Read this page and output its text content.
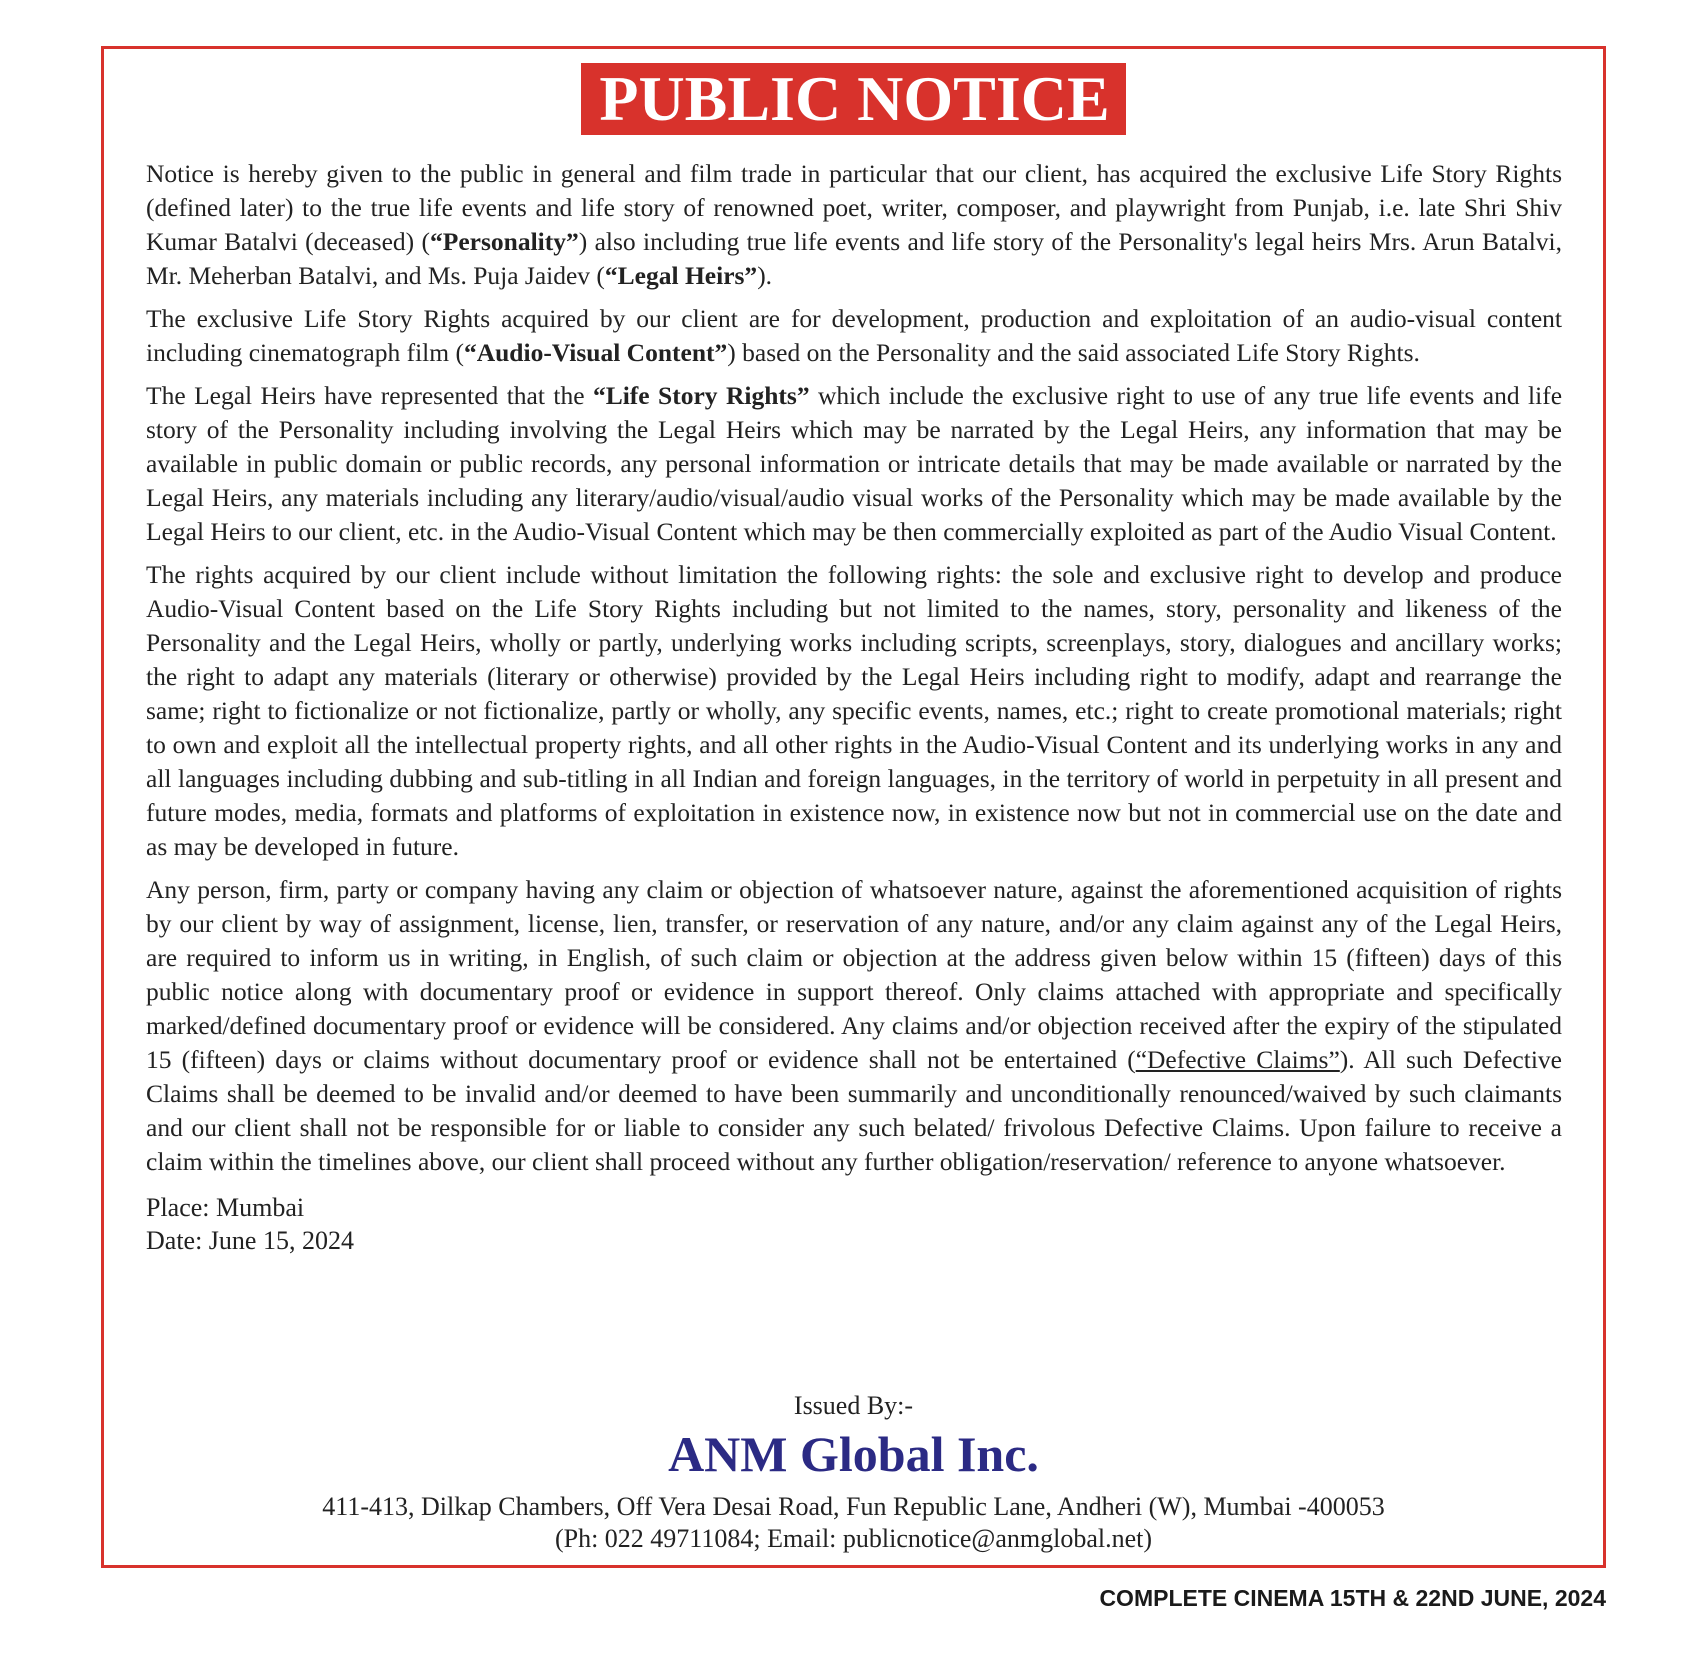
PUBLIC NOTICE

Notice is hereby given to the public in general and film trade in particular that our client, has acquired the exclusive Life Story Rights (defined later) to the true life events and life story of renowned poet, writer, composer, and playwright from Punjab, i.e. late Shri Shiv Kumar Batalvi (deceased) (“Personality”) also including true life events and life story of the Personality's legal heirs Mrs. Arun Batalvi, Mr. Meherban Batalvi, and Ms. Puja Jaidev (“Legal Heirs”).

The exclusive Life Story Rights acquired by our client are for development, production and exploitation of an audio-visual content including cinematograph film (“Audio-Visual Content”) based on the Personality and the said associated Life Story Rights.

The Legal Heirs have represented that the “Life Story Rights” which include the exclusive right to use of any true life events and life story of the Personality including involving the Legal Heirs which may be narrated by the Legal Heirs, any information that may be available in public domain or public records, any personal information or intricate details that may be made available or narrated by the Legal Heirs, any materials including any literary/audio/visual/audio visual works of the Personality which may be made available by the Legal Heirs to our client, etc. in the Audio-Visual Content which may be then commercially exploited as part of the Audio Visual Content.

The rights acquired by our client include without limitation the following rights: the sole and exclusive right to develop and produce Audio-Visual Content based on the Life Story Rights including but not limited to the names, story, personality and likeness of the Personality and the Legal Heirs, wholly or partly, underlying works including scripts, screenplays, story, dialogues and ancillary works; the right to adapt any materials (literary or otherwise) provided by the Legal Heirs including right to modify, adapt and rearrange the same; right to fictionalize or not fictionalize, partly or wholly, any specific events, names, etc.; right to create promotional materials; right to own and exploit all the intellectual property rights, and all other rights in the Audio-Visual Content and its underlying works in any and all languages including dubbing and sub-titling in all Indian and foreign languages, in the territory of world in perpetuity in all present and future modes, media, formats and platforms of exploitation in existence now, in existence now but not in commercial use on the date and as may be developed in future.

Any person, firm, party or company having any claim or objection of whatsoever nature, against the aforementioned acquisition of rights by our client by way of assignment, license, lien, transfer, or reservation of any nature, and/or any claim against any of the Legal Heirs, are required to inform us in writing, in English, of such claim or objection at the address given below within 15 (fifteen) days of this public notice along with documentary proof or evidence in support thereof. Only claims attached with appropriate and specifically marked/defined documentary proof or evidence will be considered. Any claims and/or objection received after the expiry of the stipulated 15 (fifteen) days or claims without documentary proof or evidence shall not be entertained (“Defective Claims”). All such Defective Claims shall be deemed to be invalid and/or deemed to have been summarily and unconditionally renounced/waived by such claimants and our client shall not be responsible for or liable to consider any such belated/ frivolous Defective Claims. Upon failure to receive a claim within the timelines above, our client shall proceed without any further obligation/reservation/ reference to anyone whatsoever.

Place: Mumbai
Date: June 15, 2024
Issued By:-
ANM Global Inc.
411-413, Dilkap Chambers, Off Vera Desai Road, Fun Republic Lane, Andheri (W), Mumbai -400053
(Ph: 022 49711084; Email: publicnotice@anmglobal.net)
COMPLETE CINEMA 15TH & 22ND JUNE, 2024
